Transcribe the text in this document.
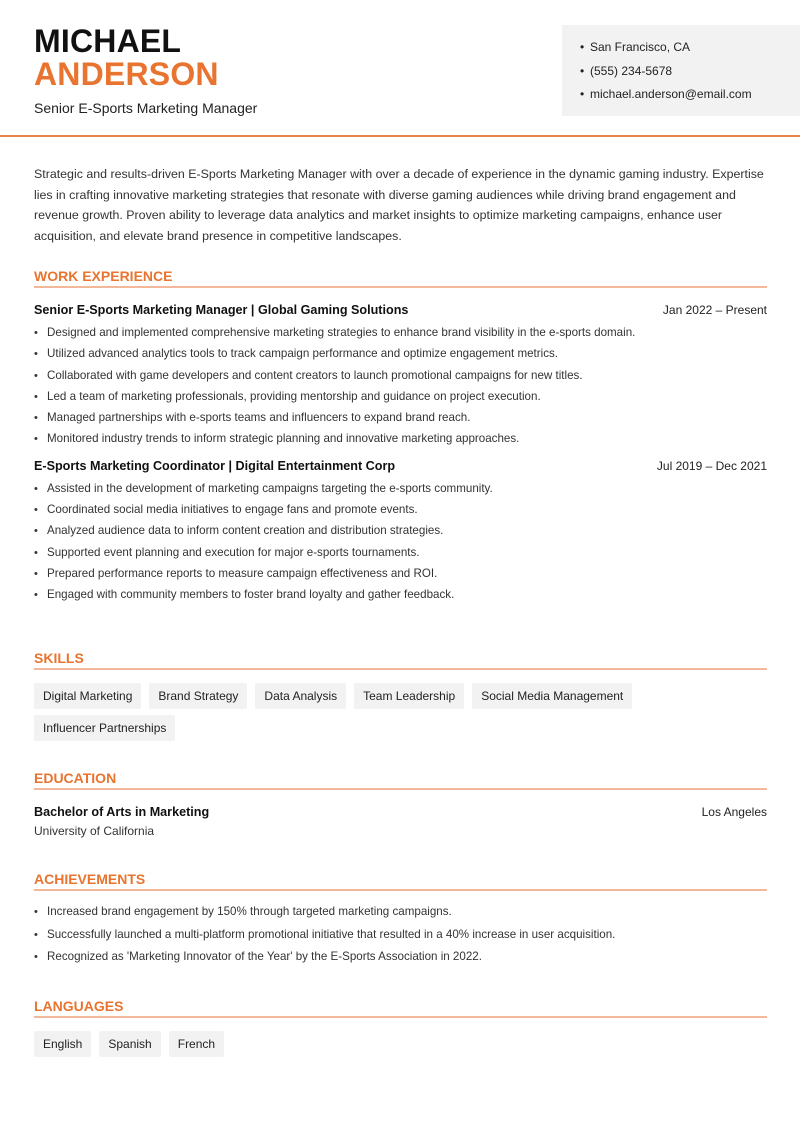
MICHAEL
ANDERSON
Senior E-Sports Marketing Manager
• San Francisco, CA
• (555) 234-5678
• michael.anderson@email.com
Strategic and results-driven E-Sports Marketing Manager with over a decade of experience in the dynamic gaming industry. Expertise lies in crafting innovative marketing strategies that resonate with diverse gaming audiences while driving brand engagement and revenue growth. Proven ability to leverage data analytics and market insights to optimize marketing campaigns, enhance user acquisition, and elevate brand presence in competitive landscapes.
WORK EXPERIENCE
Senior E-Sports Marketing Manager | Global Gaming Solutions	Jan 2022 – Present
• Designed and implemented comprehensive marketing strategies to enhance brand visibility in the e-sports domain.
• Utilized advanced analytics tools to track campaign performance and optimize engagement metrics.
• Collaborated with game developers and content creators to launch promotional campaigns for new titles.
• Led a team of marketing professionals, providing mentorship and guidance on project execution.
• Managed partnerships with e-sports teams and influencers to expand brand reach.
• Monitored industry trends to inform strategic planning and innovative marketing approaches.
E-Sports Marketing Coordinator | Digital Entertainment Corp	Jul 2019 – Dec 2021
• Assisted in the development of marketing campaigns targeting the e-sports community.
• Coordinated social media initiatives to engage fans and promote events.
• Analyzed audience data to inform content creation and distribution strategies.
• Supported event planning and execution for major e-sports tournaments.
• Prepared performance reports to measure campaign effectiveness and ROI.
• Engaged with community members to foster brand loyalty and gather feedback.
SKILLS
Digital Marketing	Brand Strategy	Data Analysis	Team Leadership	Social Media Management
Influencer Partnerships
EDUCATION
Bachelor of Arts in Marketing	Los Angeles
University of California
ACHIEVEMENTS
• Increased brand engagement by 150% through targeted marketing campaigns.
• Successfully launched a multi-platform promotional initiative that resulted in a 40% increase in user acquisition.
• Recognized as 'Marketing Innovator of the Year' by the E-Sports Association in 2022.
LANGUAGES
English	Spanish	French
